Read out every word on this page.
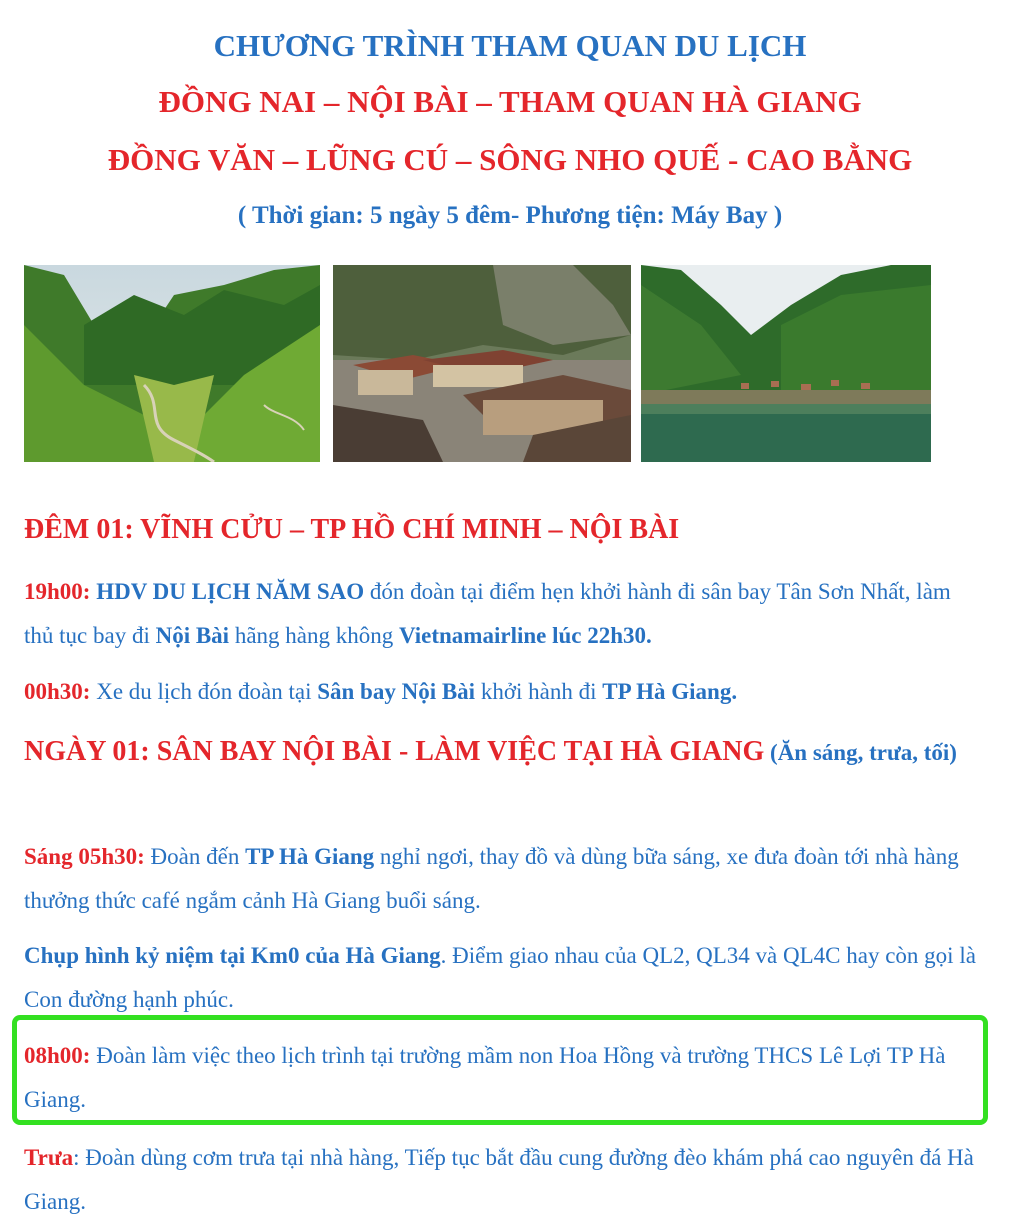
CHƯƠNG TRÌNH THAM QUAN DU LỊCH
ĐỒNG NAI – NỘI BÀI – THAM QUAN HÀ GIANG
ĐỒNG VĂN – LŨNG CÚ – SÔNG NHO QUẾ - CAO BẰNG
( Thời gian: 5 ngày 5 đêm- Phương tiện: Máy Bay )
ĐÊM 01: VĨNH CỬU – TP HỒ CHÍ MINH – NỘI BÀI
19h00: HDV DU LỊCH NĂM SAO đón đoàn tại điểm hẹn khởi hành đi sân bay Tân Sơn Nhất, làm thủ tục bay đi Nội Bài hãng hàng không Vietnamairline lúc 22h30.
00h30: Xe du lịch đón đoàn tại Sân bay Nội Bài khởi hành đi TP Hà Giang.
NGÀY 01: SÂN BAY NỘI BÀI - LÀM VIỆC TẠI HÀ GIANG (Ăn sáng, trưa, tối)
Sáng 05h30: Đoàn đến TP Hà Giang nghỉ ngơi, thay đồ và dùng bữa sáng, xe đưa đoàn tới nhà hàng thưởng thức café ngắm cảnh Hà Giang buổi sáng.
Chụp hình kỷ niệm tại Km0 của Hà Giang. Điểm giao nhau của QL2, QL34 và QL4C hay còn gọi là Con đường hạnh phúc.
08h00: Đoàn làm việc theo lịch trình tại trường mầm non Hoa Hồng và trường THCS Lê Lợi TP Hà Giang.
Trưa: Đoàn dùng cơm trưa tại nhà hàng, Tiếp tục bắt đầu cung đường đèo khám phá cao nguyên đá Hà Giang.
